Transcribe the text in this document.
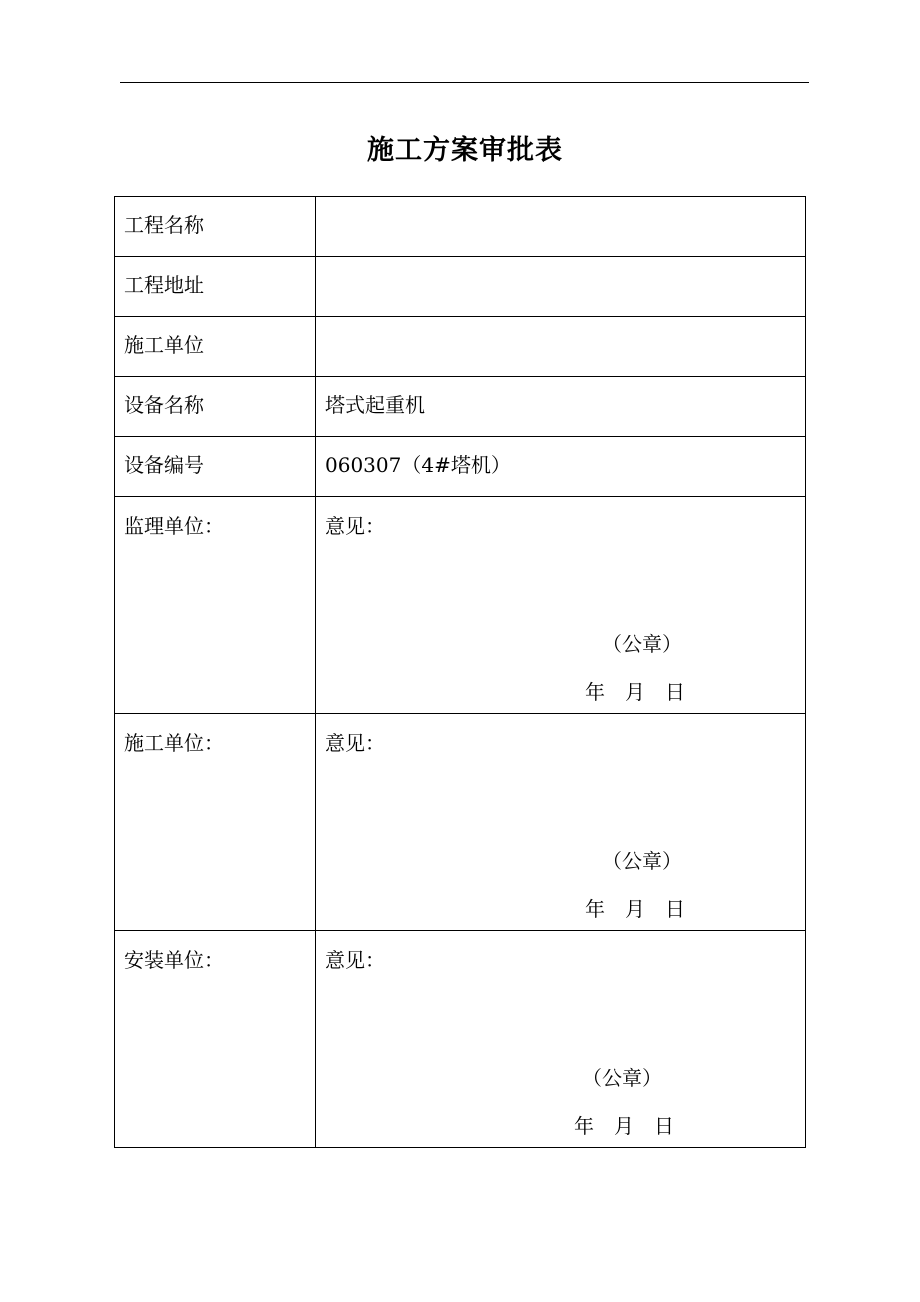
施工方案审批表
工程名称	

工程地址	

施工单位	

设备名称	塔式起重机

设备编号	060307（4#塔机）

监理单位：	意见：
（公章）
年 月 日

施工单位：	意见：
（公章）
年 月 日

安装单位：	意见：
（公章）
年 月 日
